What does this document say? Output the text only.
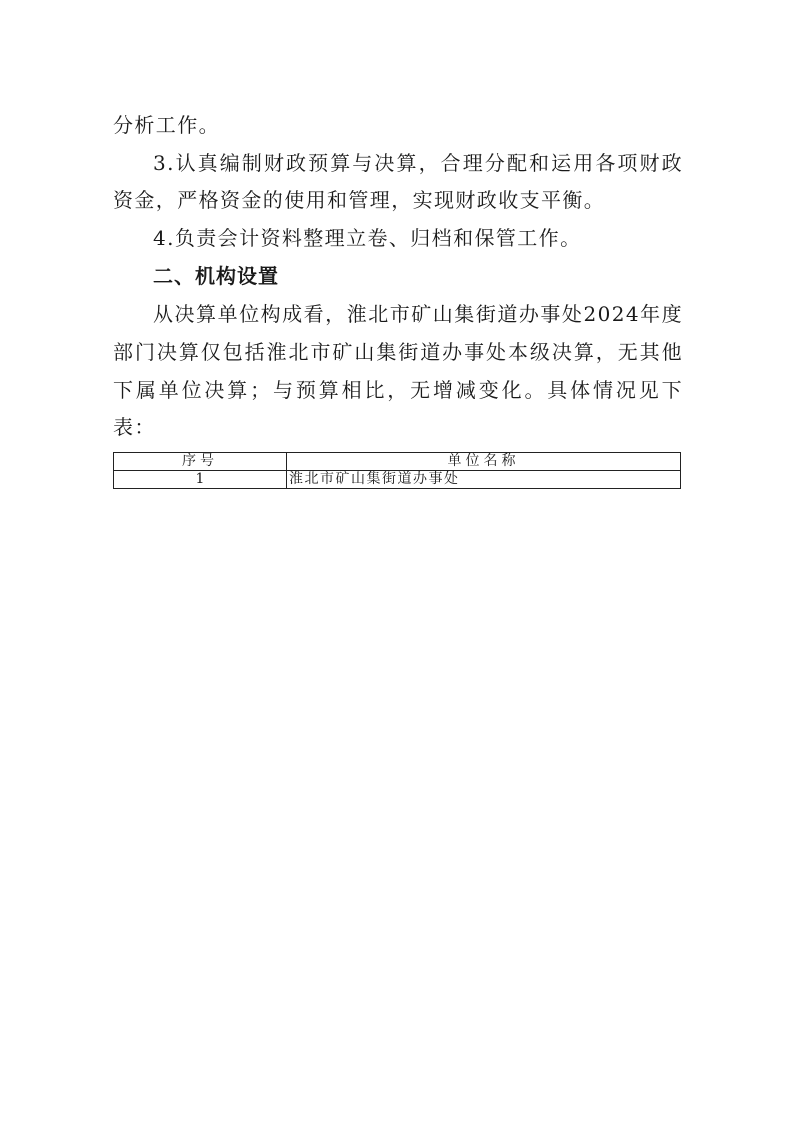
分析工作。
3.认真编制财政预算与决算，合理分配和运用各项财政
资金，严格资金的使用和管理，实现财政收支平衡。
4.负责会计资料整理立卷、归档和保管工作。
二、机构设置
从决算单位构成看，淮北市矿山集街道办事处2024年度
部门决算仅包括淮北市矿山集街道办事处本级决算，无其他
下属单位决算；与预算相比，无增减变化。具体情况见下
表：
序号	单位名称
1	淮北市矿山集街道办事处
